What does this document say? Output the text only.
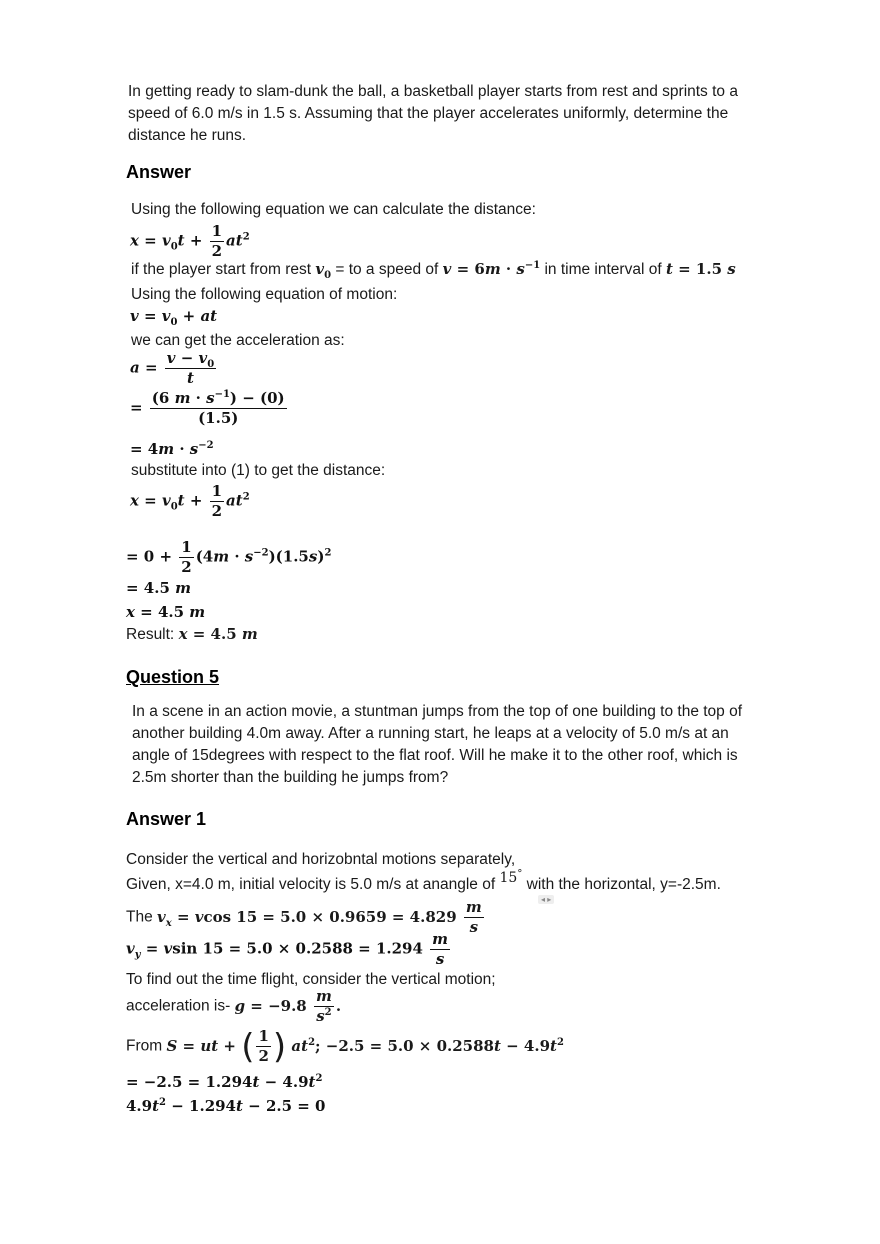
In getting ready to slam-dunk the ball, a basketball player starts from rest and sprints to a
speed of 6.0 m/s in 1.5 s. Assuming that the player accelerates uniformly, determine the
distance he runs.
Answer
Using the following equation we can calculate the distance:
$x = v_0t + \frac{1}{2} at^2$
if the player start from rest $v_0$ = to a speed of $v = 6m \cdot s^{-1}$ in time interval of t = 1.5 s
Using the following equation of motion:
$v = v_0$ + at
we can get the acceleration as:
$a = \frac{v - v_0}{t}$
= $\frac{(6 m \cdot s^{-1}) - (0)}{(1.5)}$
= $4m \cdot s^{-2}$
substitute into (1) to get the distance:
$x = v_0t + \frac{1}{2} at^2$
= $0 + \frac{1}{2} (4m \cdot s^{-2})(1.5s)^2$
= 4.5 m
x = 4.5 m
Result: x = 4.5 m
Question 5
In a scene in an action movie, a stuntman jumps from the top of one building to the top of
another building 4.0m away. After a running start, he leaps at a velocity of 5.0 m/s at an
angle of 15degrees with respect to the flat roof. Will he make it to the other roof, which is
2.5m shorter than the building he jumps from?
Answer 1
Consider the vertical and horizobntal motions separately,
Given, x=4.0 m, initial velocity is 5.0 m/s at anangle of 15° with the horizontal, y=-2.5m.
◂ ▸
The $v_x = vcos$ $15 = 5.0 \times 0.9659 = 4.829 \frac{m}{s}$
$v_y = vsin$ $15 = 5.0 \times 0.2588 = 1.294 \frac{m}{s}$
To find out the time flight, consider the vertical motion;
acceleration is- $g = -9.8 \frac{m}{s^2}$ .
From S = ut + ( $\frac{1}{2}$ ) $at^2$; $-2.5 = 5.0 \times 0.2588t - 4.9t^2$
= $-2.5 = 1.294t - 4.9t^2$
$4.9t^2 - 1.294t - 2.5 = 0$
